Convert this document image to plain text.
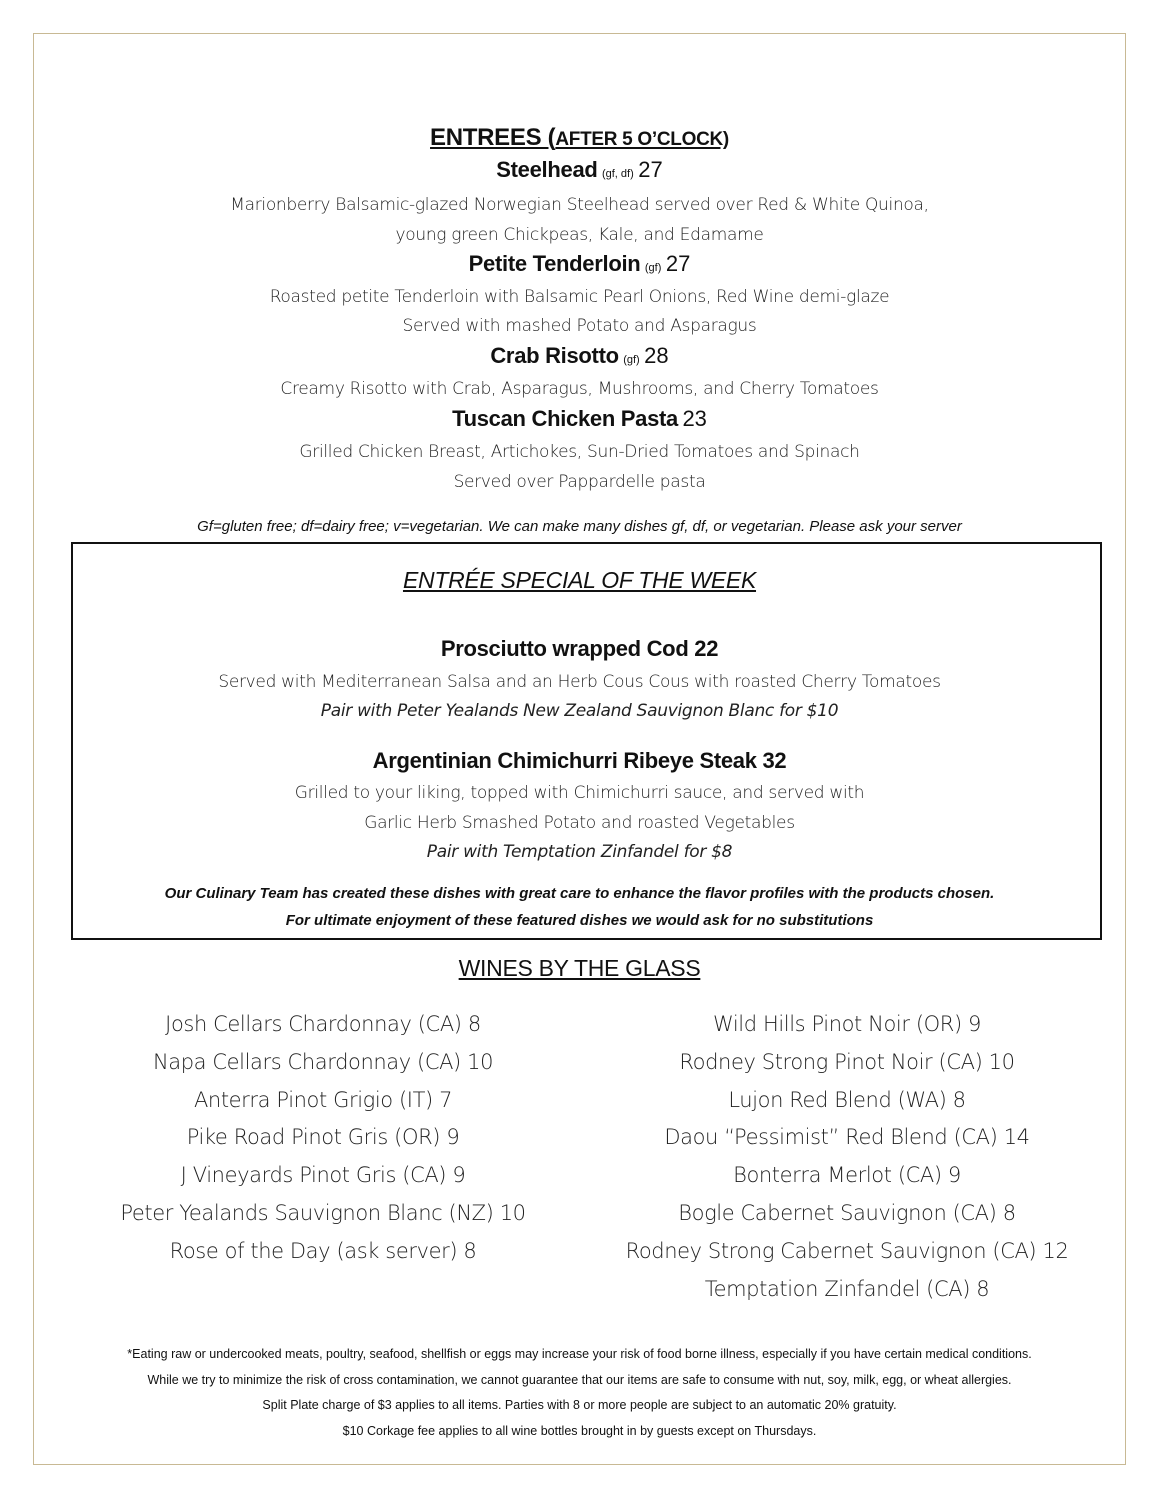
ENTREES (AFTER 5 O’CLOCK)
Steelhead (gf, df) 27
Marionberry Balsamic-glazed Norwegian Steelhead served over Red & White Quinoa,
young green Chickpeas, Kale, and Edamame
Petite Tenderloin (gf) 27
Roasted petite Tenderloin with Balsamic Pearl Onions, Red Wine demi-glaze
Served with mashed Potato and Asparagus
Crab Risotto (gf) 28
Creamy Risotto with Crab, Asparagus, Mushrooms, and Cherry Tomatoes
Tuscan Chicken Pasta 23
Grilled Chicken Breast, Artichokes, Sun-Dried Tomatoes and Spinach
Served over Pappardelle pasta
Gf=gluten free; df=dairy free; v=vegetarian. We can make many dishes gf, df, or vegetarian. Please ask your server
ENTRÉE SPECIAL OF THE WEEK
Prosciutto wrapped Cod 22
Served with Mediterranean Salsa and an Herb Cous Cous with roasted Cherry Tomatoes
Pair with Peter Yealands New Zealand Sauvignon Blanc for $10
Argentinian Chimichurri Ribeye Steak 32
Grilled to your liking, topped with Chimichurri sauce, and served with
Garlic Herb Smashed Potato and roasted Vegetables
Pair with Temptation Zinfandel for $8
Our Culinary Team has created these dishes with great care to enhance the flavor profiles with the products chosen.
For ultimate enjoyment of these featured dishes we would ask for no substitutions
WINES BY THE GLASS
Josh Cellars Chardonnay (CA) 8
Napa Cellars Chardonnay (CA) 10
Anterra Pinot Grigio (IT) 7
Pike Road Pinot Gris (OR) 9
J Vineyards Pinot Gris (CA) 9
Peter Yealands Sauvignon Blanc (NZ) 10
Rose of the Day (ask server) 8
Wild Hills Pinot Noir (OR) 9
Rodney Strong Pinot Noir (CA) 10
Lujon Red Blend (WA) 8
Daou “Pessimist” Red Blend (CA) 14
Bonterra Merlot (CA) 9
Bogle Cabernet Sauvignon (CA) 8
Rodney Strong Cabernet Sauvignon (CA) 12
Temptation Zinfandel (CA) 8
*Eating raw or undercooked meats, poultry, seafood, shellfish or eggs may increase your risk of food borne illness, especially if you have certain medical conditions.
While we try to minimize the risk of cross contamination, we cannot guarantee that our items are safe to consume with nut, soy, milk, egg, or wheat allergies.
Split Plate charge of $3 applies to all items. Parties with 8 or more people are subject to an automatic 20% gratuity.
$10 Corkage fee applies to all wine bottles brought in by guests except on Thursdays.
